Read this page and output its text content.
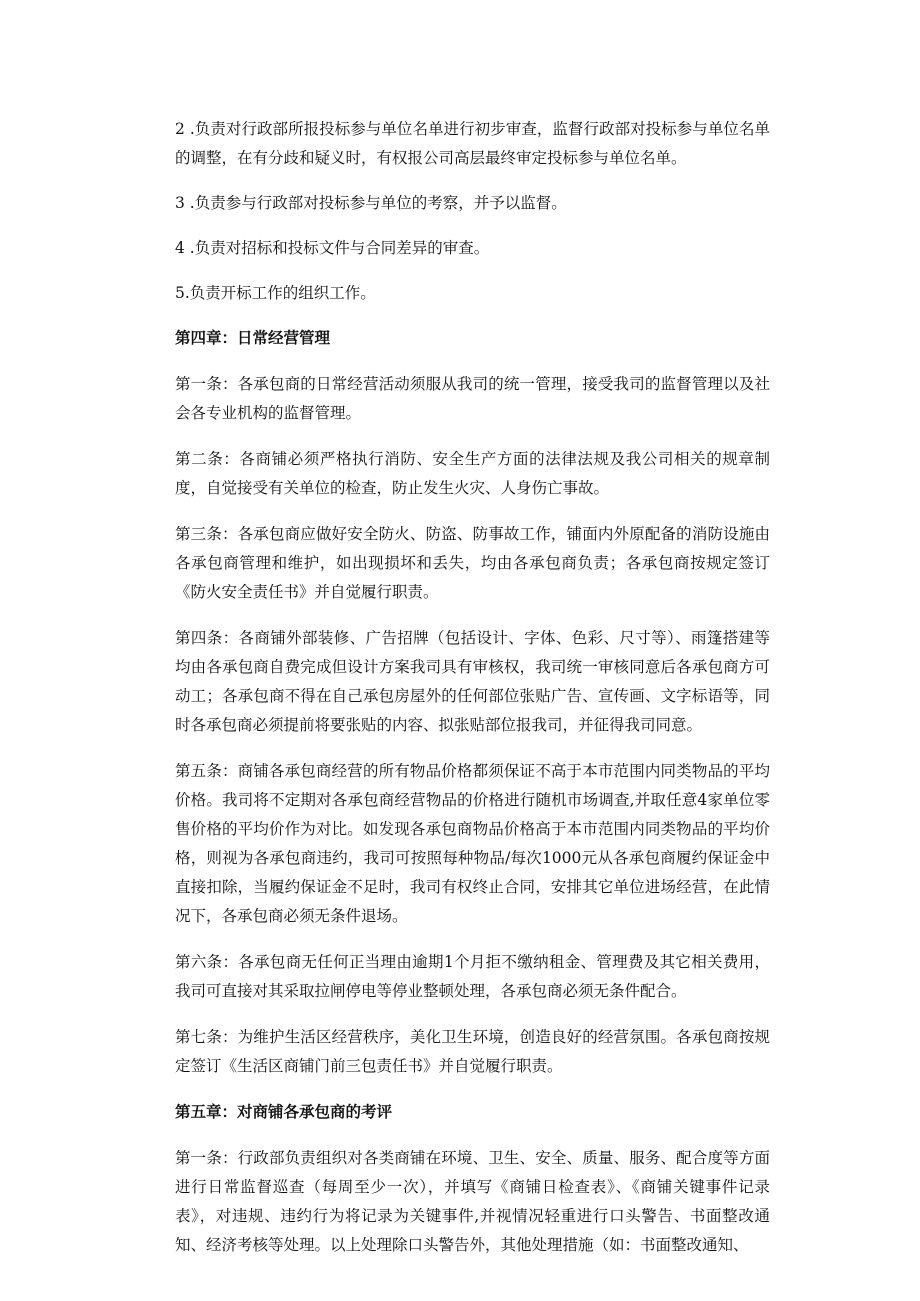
2 .负责对行政部所报投标参与单位名单进行初步审查，监督行政部对投标参与单位名单的调整，在有分歧和疑义时，有权报公司高层最终审定投标参与单位名单。

3 .负责参与行政部对投标参与单位的考察，并予以监督。

4 .负责对招标和投标文件与合同差异的审查。

5.负责开标工作的组织工作。

第四章：日常经营管理

第一条：各承包商的日常经营活动须服从我司的统一管理，接受我司的监督管理以及社会各专业机构的监督管理。

第二条：各商铺必须严格执行消防、安全生产方面的法律法规及我公司相关的规章制度，自觉接受有关单位的检查，防止发生火灾、人身伤亡事故。

第三条：各承包商应做好安全防火、防盗、防事故工作，铺面内外原配备的消防设施由各承包商管理和维护，如出现损坏和丢失，均由各承包商负责；各承包商按规定签订《防火安全责任书》并自觉履行职责。

第四条：各商铺外部装修、广告招牌（包括设计、字体、色彩、尺寸等）、雨篷搭建等均由各承包商自费完成但设计方案我司具有审核权，我司统一审核同意后各承包商方可动工；各承包商不得在自己承包房屋外的任何部位张贴广告、宣传画、文字标语等，同时各承包商必须提前将要张贴的内容、拟张贴部位报我司，并征得我司同意。

第五条：商铺各承包商经营的所有物品价格都须保证不高于本市范围内同类物品的平均价格。我司将不定期对各承包商经营物品的价格进行随机市场调查,并取任意4家单位零售价格的平均价作为对比。如发现各承包商物品价格高于本市范围内同类物品的平均价格，则视为各承包商违约，我司可按照每种物品/每次1000元从各承包商履约保证金中直接扣除，当履约保证金不足时，我司有权终止合同，安排其它单位进场经营，在此情况下，各承包商必须无条件退场。

第六条：各承包商无任何正当理由逾期1个月拒不缴纳租金、管理费及其它相关费用，我司可直接对其采取拉闸停电等停业整顿处理，各承包商必须无条件配合。

第七条：为维护生活区经营秩序，美化卫生环境，创造良好的经营氛围。各承包商按规定签订《生活区商铺门前三包责任书》并自觉履行职责。

第五章：对商铺各承包商的考评

第一条：行政部负责组织对各类商铺在环境、卫生、安全、质量、服务、配合度等方面进行日常监督巡查（每周至少一次），并填写《商铺日检查表》、《商铺关键事件记录表》，对违规、违约行为将记录为关键事件,并视情况轻重进行口头警告、书面整改通知、经济考核等处理。以上处理除口头警告外，其他处理措施（如：书面整改通知、
